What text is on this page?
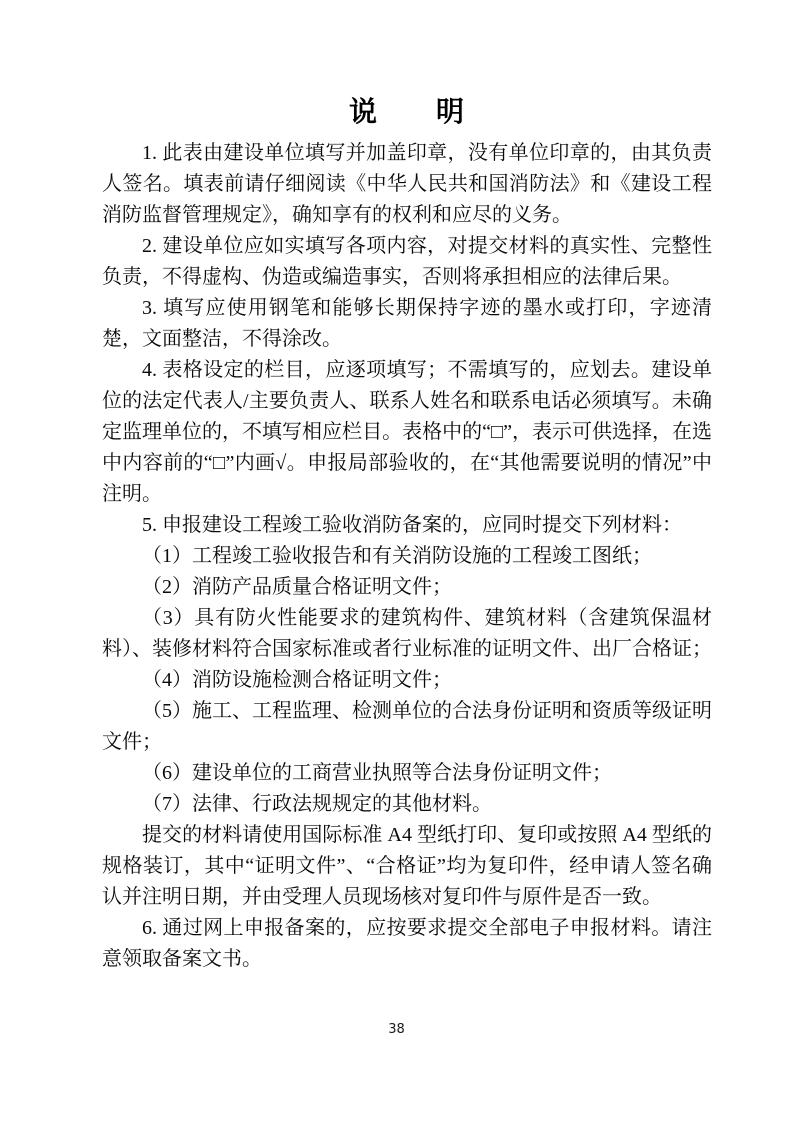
说　　明

1. 此表由建设单位填写并加盖印章，没有单位印章的，由其负责人签名。填表前请仔细阅读《中华人民共和国消防法》和《建设工程消防监督管理规定》，确知享有的权利和应尽的义务。

2. 建设单位应如实填写各项内容，对提交材料的真实性、完整性负责，不得虚构、伪造或编造事实，否则将承担相应的法律后果。

3. 填写应使用钢笔和能够长期保持字迹的墨水或打印，字迹清楚，文面整洁，不得涂改。

4. 表格设定的栏目，应逐项填写；不需填写的，应划去。建设单位的法定代表人/主要负责人、联系人姓名和联系电话必须填写。未确定监理单位的，不填写相应栏目。表格中的“□”，表示可供选择，在选中内容前的“□”内画√。申报局部验收的，在“其他需要说明的情况”中注明。

5. 申报建设工程竣工验收消防备案的，应同时提交下列材料：

（1）工程竣工验收报告和有关消防设施的工程竣工图纸；

（2）消防产品质量合格证明文件；

（3）具有防火性能要求的建筑构件、建筑材料（含建筑保温材料）、装修材料符合国家标准或者行业标准的证明文件、出厂合格证；

（4）消防设施检测合格证明文件；

（5）施工、工程监理、检测单位的合法身份证明和资质等级证明文件；

（6）建设单位的工商营业执照等合法身份证明文件；

（7）法律、行政法规规定的其他材料。

提交的材料请使用国际标准 A4 型纸打印、复印或按照 A4 型纸的规格装订，其中“证明文件”、“合格证”均为复印件，经申请人签名确认并注明日期，并由受理人员现场核对复印件与原件是否一致。

6. 通过网上申报备案的，应按要求提交全部电子申报材料。请注意领取备案文书。

38
